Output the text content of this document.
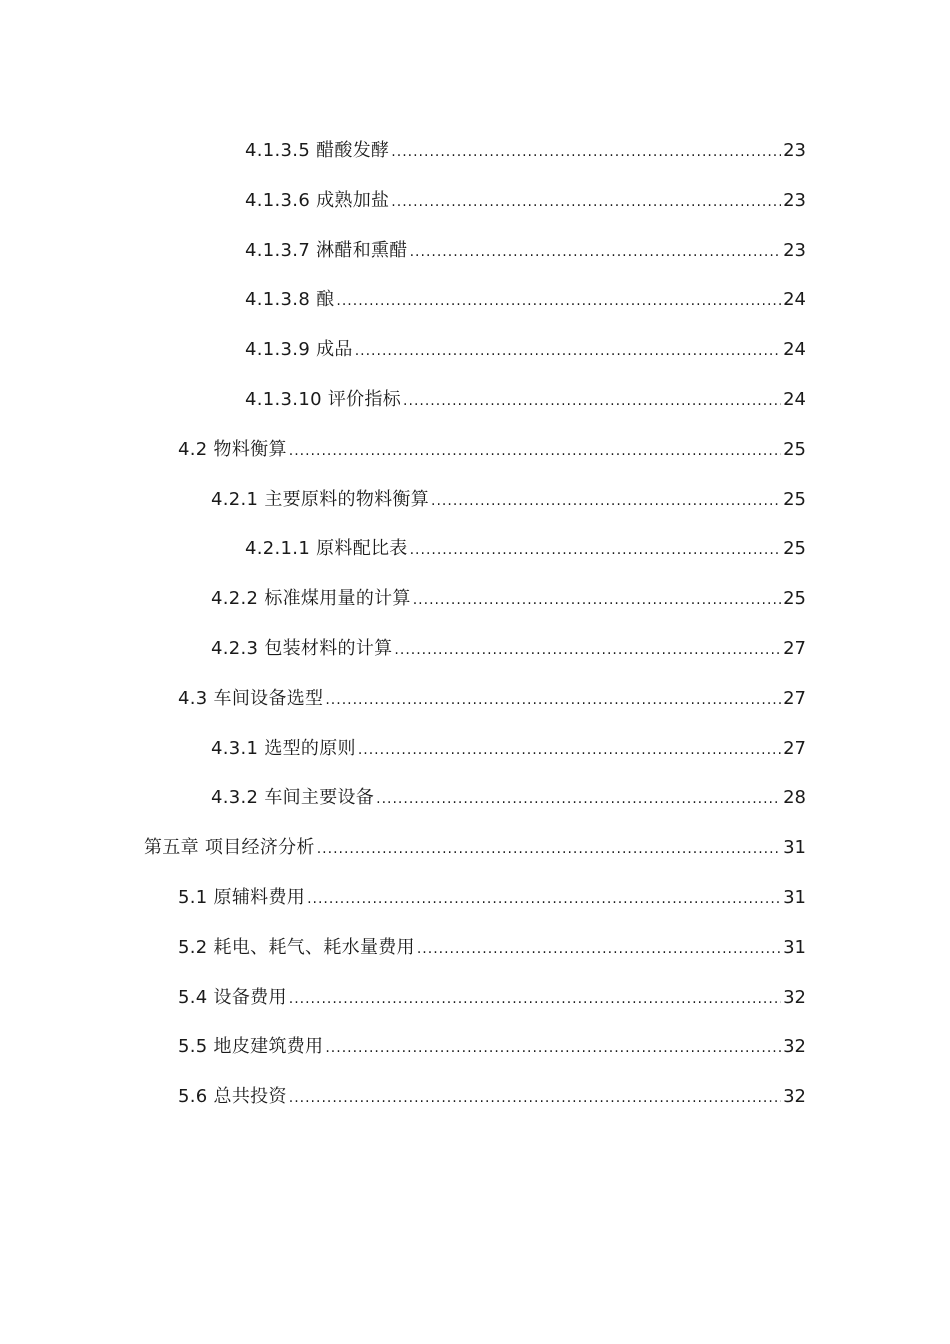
4.1.3.5 醋酸发酵 .....	23
4.1.3.6 成熟加盐 .....	23
4.1.3.7 淋醋和熏醋 .....	23
4.1.3.8 酿 .....	24
4.1.3.9 成品 .....	24
4.1.3.10 评价指标 .....	24
4.2 物料衡算 .....	25
4.2.1 主要原料的物料衡算 .....	25
4.2.1.1 原料配比表 .....	25
4.2.2 标准煤用量的计算 .....	25
4.2.3 包装材料的计算 .....	27
4.3 车间设备选型 .....	27
4.3.1 选型的原则 .....	27
4.3.2 车间主要设备 .....	28
第五章 项目经济分析 .....	31
5.1 原辅料费用 .....	31
5.2 耗电、耗气、耗水量费用 .....	31
5.4 设备费用 .....	32
5.5 地皮建筑费用 .....	32
5.6 总共投资 .....	32
